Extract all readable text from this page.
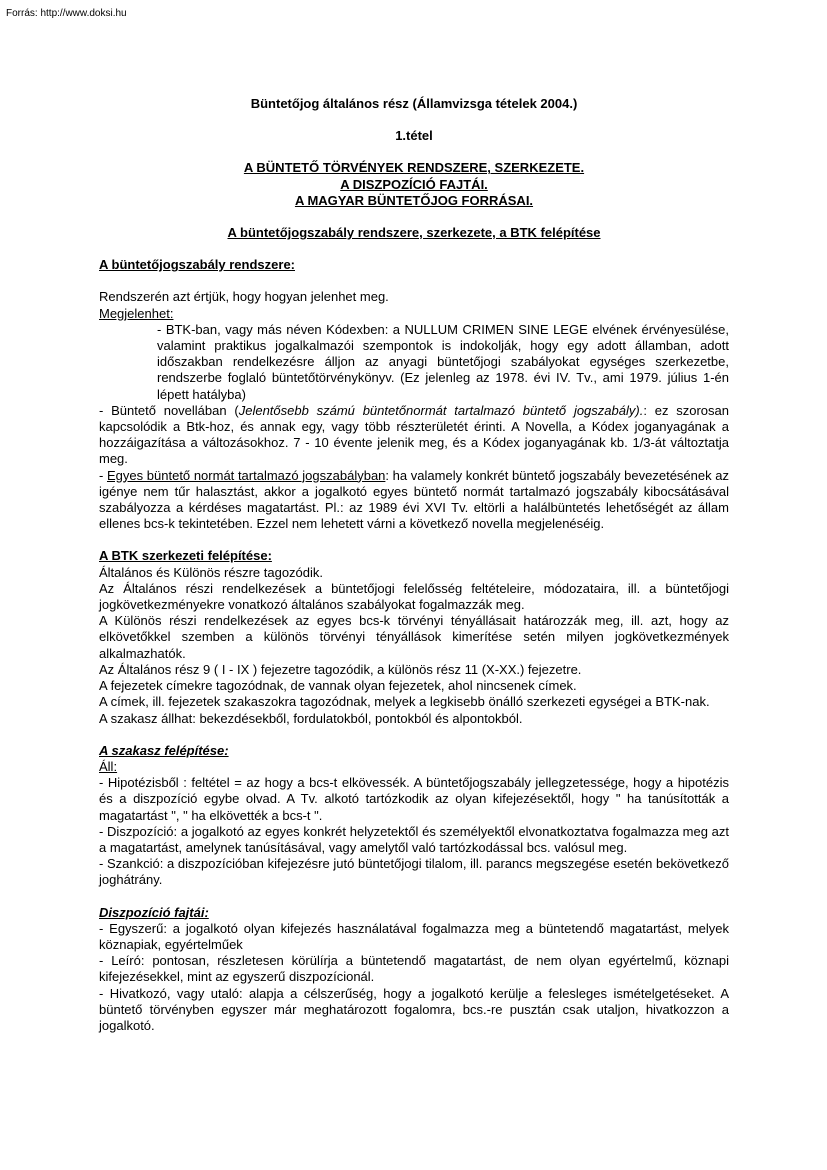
Forrás: http://www.doksi.hu

Büntetőjog általános rész (Államvizsga tételek 2004.)

1.tétel

A BÜNTETŐ TÖRVÉNYEK RENDSZERE, SZERKEZETE.

A DISZPOZÍCIÓ FAJTÁI.

A MAGYAR BÜNTETŐJOG FORRÁSAI.

A büntetőjogszabály rendszere, szerkezete, a BTK felépítése

A büntetőjogszabály rendszere:

Rendszerén azt értjük, hogy hogyan jelenhet meg.

Megjelenhet:

- BTK-ban, vagy más néven Kódexben: a NULLUM CRIMEN SINE LEGE elvének érvényesülése, valamint praktikus jogalkalmazói szempontok is indokolják, hogy egy adott államban, adott időszakban rendelkezésre álljon az anyagi büntetőjogi szabályokat egységes szerkezetbe, rendszerbe foglaló büntetőtörvénykönyv. (Ez jelenleg az 1978. évi IV. Tv., ami 1979. július 1-én lépett hatályba)

- Büntető novellában (Jelentősebb számú büntetőnormát tartalmazó büntető jogszabály).: ez szorosan kapcsolódik a Btk-hoz, és annak egy, vagy több részterületét érinti. A Novella, a Kódex joganyagának a hozzáigazítása a változásokhoz. 7 - 10 évente jelenik meg, és a Kódex joganyagának kb. 1/3-át változtatja meg.

- Egyes büntető normát tartalmazó jogszabályban: ha valamely konkrét büntető jogszabály bevezetésének az igénye nem tűr halasztást, akkor a jogalkotó egyes büntető normát tartalmazó jogszabály kibocsátásával szabályozza a kérdéses magatartást. Pl.: az 1989 évi XVI Tv. eltörli a halálbüntetés lehetőségét az állam ellenes bcs-k tekintetében. Ezzel nem lehetett várni a következő novella megjelenéséig.

A BTK szerkezeti felépítése:

Általános és Különös részre tagozódik.

Az Általános részi rendelkezések a büntetőjogi felelősség feltételeire, módozataira, ill. a büntetőjogi jogkövetkezményekre vonatkozó általános szabályokat fogalmazzák meg.

A Különös részi rendelkezések az egyes bcs-k törvényi tényállásait határozzák meg, ill. azt, hogy az elkövetőkkel szemben a különös törvényi tényállások kimerítése setén milyen jogkövetkezmények alkalmazhatók.

Az Általános rész 9 ( I - IX ) fejezetre tagozódik, a különös rész 11 (X-XX.) fejezetre.

A fejezetek címekre tagozódnak, de vannak olyan fejezetek, ahol nincsenek címek.

A címek, ill. fejezetek szakaszokra tagozódnak, melyek a legkisebb önálló szerkezeti egységei a BTK-nak.

A szakasz állhat: bekezdésekből, fordulatokból, pontokból és alpontokból.

A szakasz felépítése:

Áll:

- Hipotézisből : feltétel = az hogy a bcs-t elkövessék. A büntetőjogszabály jellegzetessége, hogy a hipotézis és a diszpozíció egybe olvad. A Tv. alkotó tartózkodik az olyan kifejezésektől, hogy " ha tanúsították a magatartást ", " ha elkövették a bcs-t ".

- Diszpozíció: a jogalkotó az egyes konkrét helyzetektől és személyektől elvonatkoztatva fogalmazza meg azt a magatartást, amelynek tanúsításával, vagy amelytől való tartózkodással bcs. valósul meg.

- Szankció: a diszpozícióban kifejezésre jutó büntetőjogi tilalom, ill. parancs megszegése esetén bekövetkező joghátrány.

Diszpozíció fajtái:

- Egyszerű: a jogalkotó olyan kifejezés használatával fogalmazza meg a büntetendő magatartást, melyek köznapiak, egyértelműek

- Leíró: pontosan, részletesen körülírja a büntetendő magatartást, de nem olyan egyértelmű, köznapi kifejezésekkel, mint az egyszerű diszpozícionál.

- Hivatkozó, vagy utaló: alapja a célszerűség, hogy a jogalkotó kerülje a felesleges ismételgetéseket. A büntető törvényben egyszer már meghatározott fogalomra, bcs.-re pusztán csak utaljon, hivatkozzon a jogalkotó.
